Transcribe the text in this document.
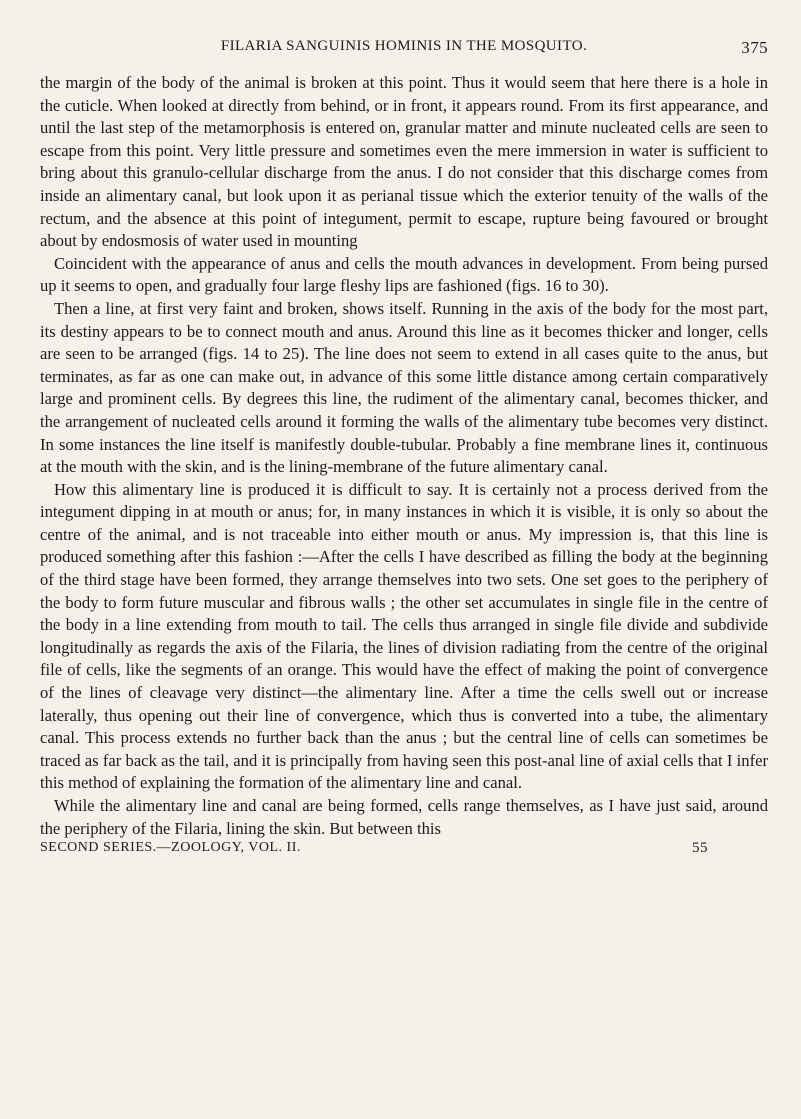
FILARIA SANGUINIS HOMINIS IN THE MOSQUITO.	375

the margin of the body of the animal is broken at this point. Thus it would seem that here there is a hole in the cuticle. When looked at directly from behind, or in front, it appears round. From its first appearance, and until the last step of the metamorphosis is entered on, granular matter and minute nucleated cells are seen to escape from this point. Very little pressure and sometimes even the mere immersion in water is sufficient to bring about this granulo-cellular discharge from the anus. I do not consider that this discharge comes from inside an alimentary canal, but look upon it as perianal tissue which the exterior tenuity of the walls of the rectum, and the absence at this point of integument, permit to escape, rupture being favoured or brought about by endosmosis of water used in mounting

Coincident with the appearance of anus and cells the mouth advances in development. From being pursed up it seems to open, and gradually four large fleshy lips are fashioned (figs. 16 to 30).

Then a line, at first very faint and broken, shows itself. Running in the axis of the body for the most part, its destiny appears to be to connect mouth and anus. Around this line as it becomes thicker and longer, cells are seen to be arranged (figs. 14 to 25). The line does not seem to extend in all cases quite to the anus, but terminates, as far as one can make out, in advance of this some little distance among certain comparatively large and prominent cells. By degrees this line, the rudiment of the alimentary canal, becomes thicker, and the arrangement of nucleated cells around it forming the walls of the alimentary tube becomes very distinct. In some instances the line itself is manifestly double-tubular. Probably a fine membrane lines it, continuous at the mouth with the skin, and is the lining-membrane of the future alimentary canal.

How this alimentary line is produced it is difficult to say. It is certainly not a process derived from the integument dipping in at mouth or anus; for, in many instances in which it is visible, it is only so about the centre of the animal, and is not traceable into either mouth or anus. My impression is, that this line is produced something after this fashion :—After the cells I have described as filling the body at the beginning of the third stage have been formed, they arrange themselves into two sets. One set goes to the periphery of the body to form future muscular and fibrous walls ; the other set accumulates in single file in the centre of the body in a line extending from mouth to tail. The cells thus arranged in single file divide and subdivide longitudinally as regards the axis of the Filaria, the lines of division radiating from the centre of the original file of cells, like the segments of an orange. This would have the effect of making the point of convergence of the lines of cleavage very distinct—the alimentary line. After a time the cells swell out or increase laterally, thus opening out their line of convergence, which thus is converted into a tube, the alimentary canal. This process extends no further back than the anus ; but the central line of cells can sometimes be traced as far back as the tail, and it is principally from having seen this post-anal line of axial cells that I infer this method of explaining the formation of the alimentary line and canal.

While the alimentary line and canal are being formed, cells range themselves, as I have just said, around the periphery of the Filaria, lining the skin. But between this

SECOND SERIES.—ZOOLOGY, VOL. II.	55
